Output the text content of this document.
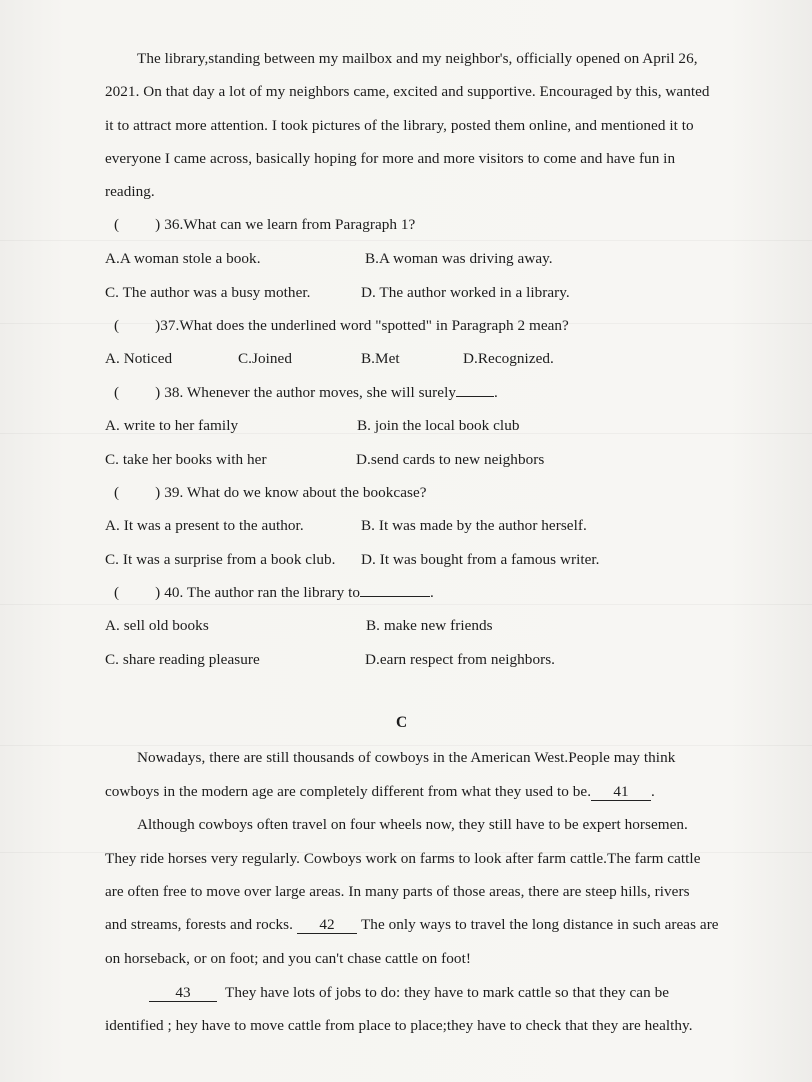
The library,standing between my mailbox and my neighbor's, officially opened on April 26,
2021. On that day a lot of my neighbors came, excited and supportive. Encouraged by this, wanted
it to attract more attention. I took pictures of the library, posted them online, and mentioned it to
everyone I came across, basically hoping for more and more visitors to come and have fun in
reading.
( ) 36.What can we learn from Paragraph 1?
A.A woman stole a book.	B.A woman was driving away.
C. The author was a busy mother.	D. The author worked in a library.
( )37.What does the underlined word "spotted" in Paragraph 2 mean?
A. Noticed	C.Joined	B.Met	D.Recognized.
( ) 38. Whenever the author moves, she will surely	.
A. write to her family	B. join the local book club
C. take her books with her	D.send cards to new neighbors
( ) 39. What do we know about the bookcase?
A. It was a present to the author.	B. It was made by the author herself.
C. It was a surprise from a book club. D. It was bought from a famous writer.
( ) 40. The author ran the library to	.
A. sell old books	B. make new friends
C. share reading pleasure	D.earn respect from neighbors.
C
Nowadays, there are still thousands of cowboys in the American West.People may think
cowboys in the modern age are completely different from what they used to be. 41 .
Although cowboys often travel on four wheels now, they still have to be expert horsemen.
They ride horses very regularly. Cowboys work on farms to look after farm cattle.The farm cattle
are often free to move over large areas. In many parts of those areas, there are steep hills, rivers
and streams, forests and rocks. 42 The only ways to travel the long distance in such areas are
on horseback, or on foot; and you can't chase cattle on foot!
43 They have lots of jobs to do: they have to mark cattle so that they can be
identified ; hey have to move cattle from place to place;they have to check that they are healthy.
